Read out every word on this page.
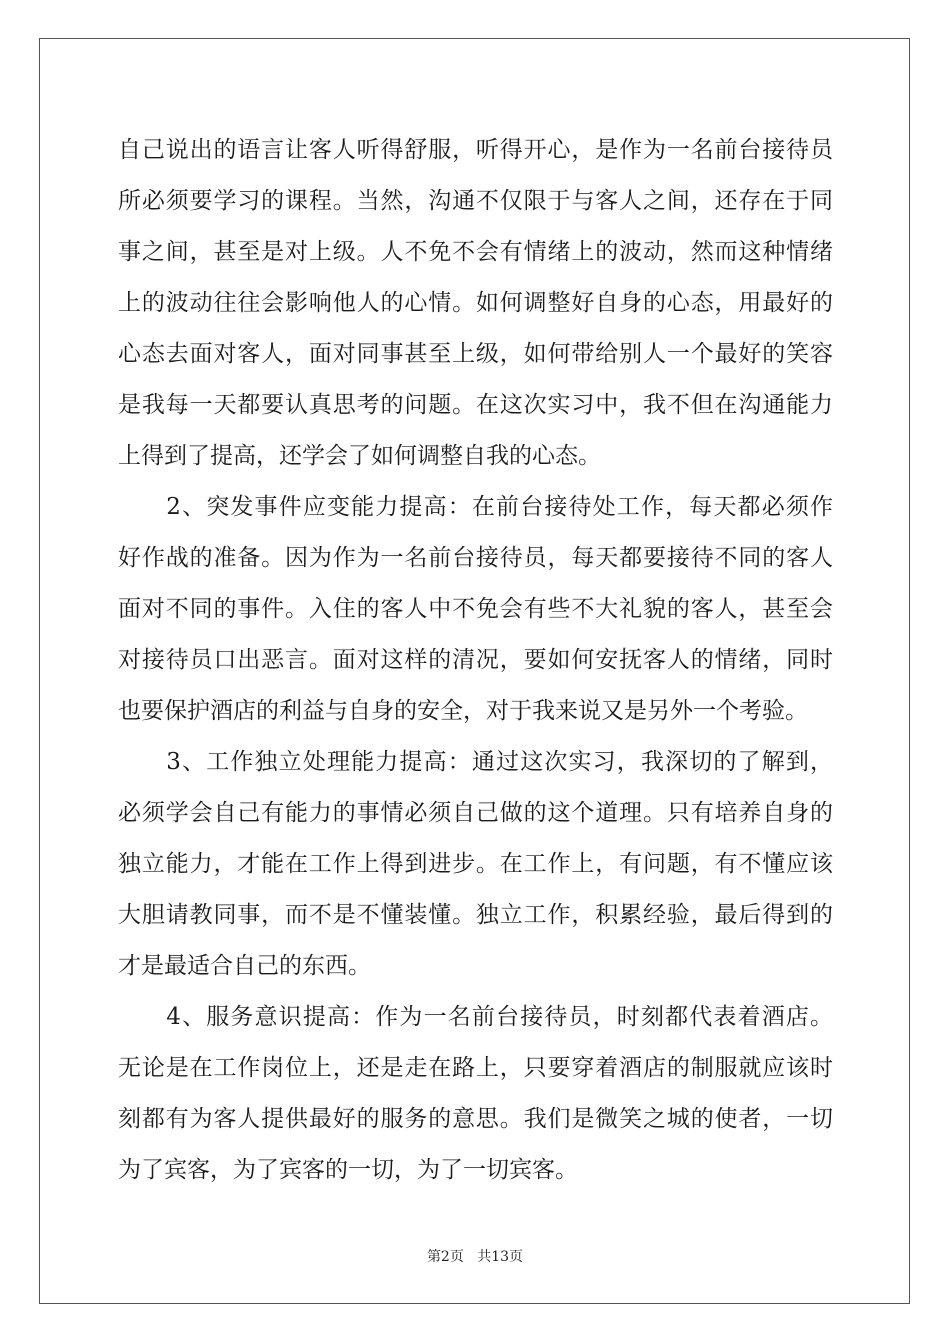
自己说出的语言让客人听得舒服，听得开心，是作为一名前台接待员
所必须要学习的课程。当然，沟通不仅限于与客人之间，还存在于同
事之间，甚至是对上级。人不免不会有情绪上的波动，然而这种情绪
上的波动往往会影响他人的心情。如何调整好自身的心态，用最好的
心态去面对客人，面对同事甚至上级，如何带给别人一个最好的笑容
是我每一天都要认真思考的问题。在这次实习中，我不但在沟通能力
上得到了提高，还学会了如何调整自我的心态。
　　2、突发事件应变能力提高：在前台接待处工作，每天都必须作
好作战的准备。因为作为一名前台接待员，每天都要接待不同的客人
面对不同的事件。入住的客人中不免会有些不大礼貌的客人，甚至会
对接待员口出恶言。面对这样的清况，要如何安抚客人的情绪，同时
也要保护酒店的利益与自身的安全，对于我来说又是另外一个考验。
　　3、工作独立处理能力提高：通过这次实习，我深切的了解到，
必须学会自己有能力的事情必须自己做的这个道理。只有培养自身的
独立能力，才能在工作上得到进步。在工作上，有问题，有不懂应该
大胆请教同事，而不是不懂装懂。独立工作，积累经验，最后得到的
才是最适合自己的东西。
　　4、服务意识提高：作为一名前台接待员，时刻都代表着酒店。
无论是在工作岗位上，还是走在路上，只要穿着酒店的制服就应该时
刻都有为客人提供最好的服务的意思。我们是微笑之城的使者，一切
为了宾客，为了宾客的一切，为了一切宾客。
第2页 共13页
